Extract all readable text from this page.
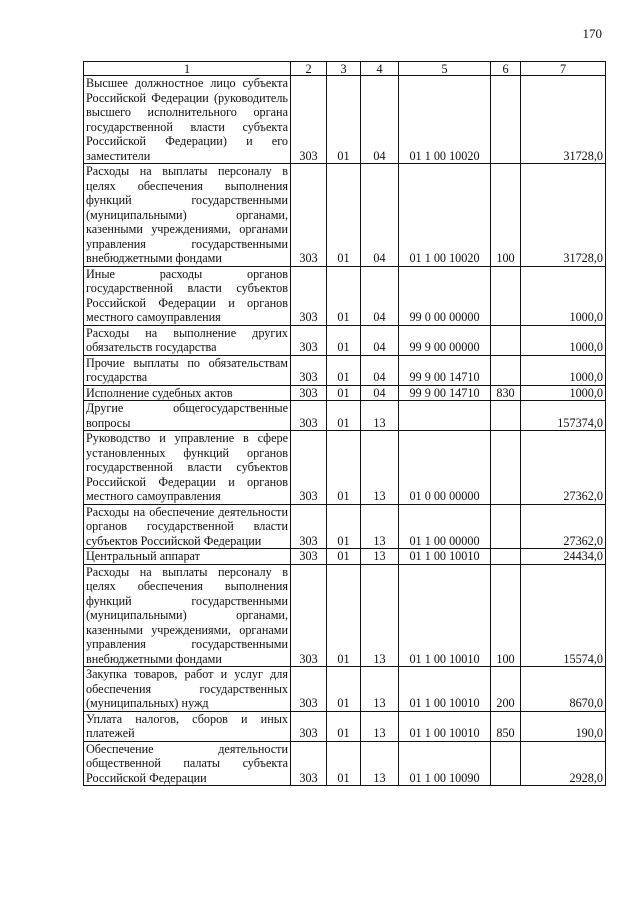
170
1	2	3	4	5	6	7
Высшее должностное лицо субъекта Российской Федерации (руководитель высшего исполнительного органа государственной власти субъекта Российской Федерации) и его заместители	303	01	04	01 1 00 10020		31728,0
Расходы на выплаты персоналу в целях обеспечения выполнения функций государственными (муниципальными) органами, казенными учреждениями, органами управления государственными внебюджетными фондами	303	01	04	01 1 00 10020	100	31728,0
Иные расходы органов государственной власти субъектов Российской Федерации и органов местного самоуправления	303	01	04	99 0 00 00000		1000,0
Расходы на выполнение других обязательств государства	303	01	04	99 9 00 00000		1000,0
Прочие выплаты по обязательствам государства	303	01	04	99 9 00 14710		1000,0
Исполнение судебных актов	303	01	04	99 9 00 14710	830	1000,0
Другие общегосударственные вопросы	303	01	13			157374,0
Руководство и управление в сфере установленных функций органов государственной власти субъектов Российской Федерации и органов местного самоуправления	303	01	13	01 0 00 00000		27362,0
Расходы на обеспечение деятельности органов государственной власти субъектов Российской Федерации	303	01	13	01 1 00 00000		27362,0
Центральный аппарат	303	01	13	01 1 00 10010		24434,0
Расходы на выплаты персоналу в целях обеспечения выполнения функций государственными (муниципальными) органами, казенными учреждениями, органами управления государственными внебюджетными фондами	303	01	13	01 1 00 10010	100	15574,0
Закупка товаров, работ и услуг для обеспечения государственных (муниципальных) нужд	303	01	13	01 1 00 10010	200	8670,0
Уплата налогов, сборов и иных платежей	303	01	13	01 1 00 10010	850	190,0
Обеспечение деятельности общественной палаты субъекта Российской Федерации	303	01	13	01 1 00 10090		2928,0
